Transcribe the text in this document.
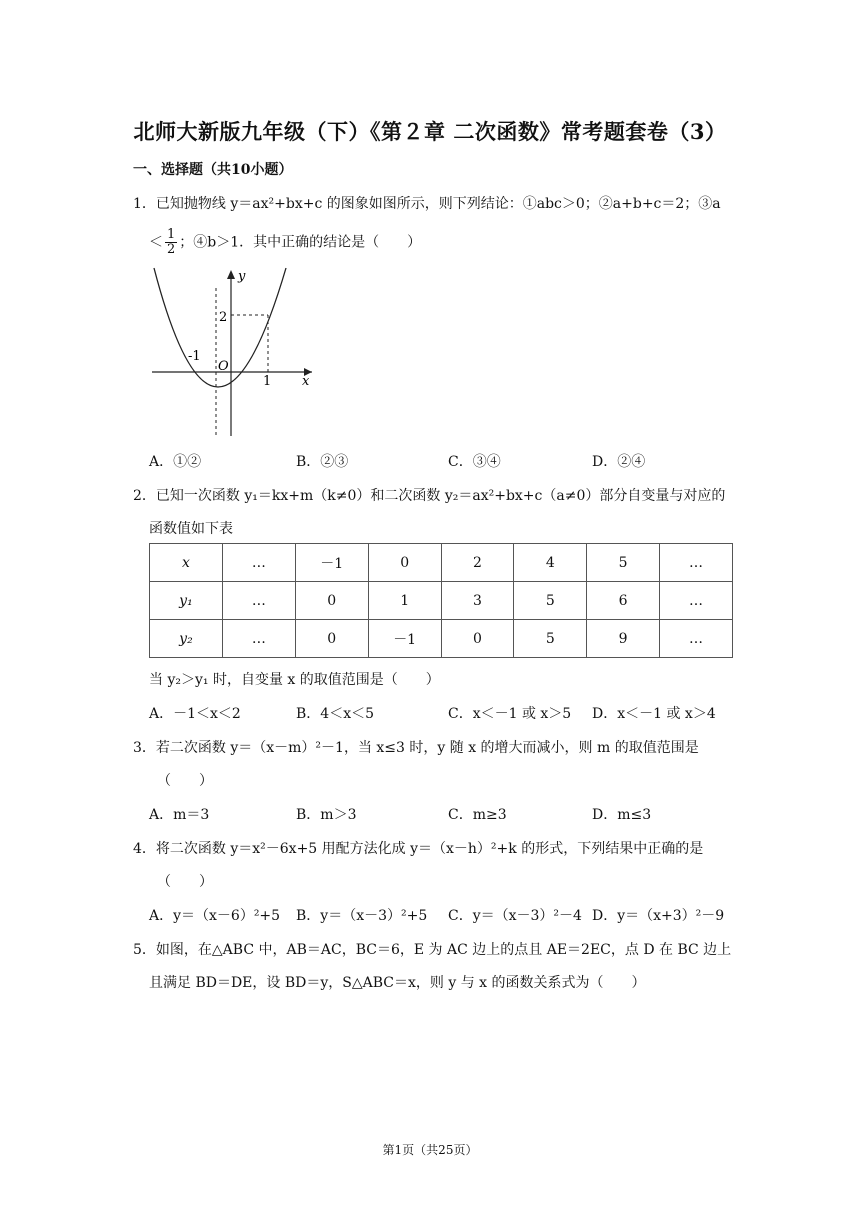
北师大新版九年级（下）《第２章 二次函数》常考题套卷（3）
一、选择题（共10小题）
1．已知抛物线 y＝ax²+bx+c 的图象如图所示，则下列结论：①abc＞0；②a+b+c＝2；③a
＜ $\frac{1}{2}$ ；④b＞1．其中正确的结论是（　　）
y
x
O
2
-1
1
A．①②	B．②③	C．③④	D．②④
2．已知一次函数 y₁＝kx+m（k≠0）和二次函数 y₂＝ax²+bx+c（a≠0）部分自变量与对应的
函数值如下表
x	…	－1	0	2	4	5	…
y₁	…	0	1	3	5	6	…
y₂	…	0	－1	0	5	9	…
当 y₂＞y₁ 时，自变量 x 的取值范围是（　　）
A．－1＜x＜2	B．4＜x＜5	C．x＜－1 或 x＞5 D．x＜－1 或 x＞4
3．若二次函数 y＝（x－m）²－1，当 x≤3 时，y 随 x 的增大而减小，则 m 的取值范围是
（　　）
A．m＝3	B．m＞3	C．m≥3	D．m≤3
4．将二次函数 y＝x²－6x+5 用配方法化成 y＝（x－h）²+k 的形式，下列结果中正确的是
（　　）
A．y＝（x－6）²+5 B．y＝（x－3）²+5 C．y＝（x－3）²－4 D．y＝（x+3）²－9
5．如图，在△ABC 中，AB＝AC，BC＝6，E 为 AC 边上的点且 AE＝2EC，点 D 在 BC 边上
且满足 BD＝DE，设 BD＝y，S△ABC＝x，则 y 与 x 的函数关系式为（　　）
第1页（共25页）
